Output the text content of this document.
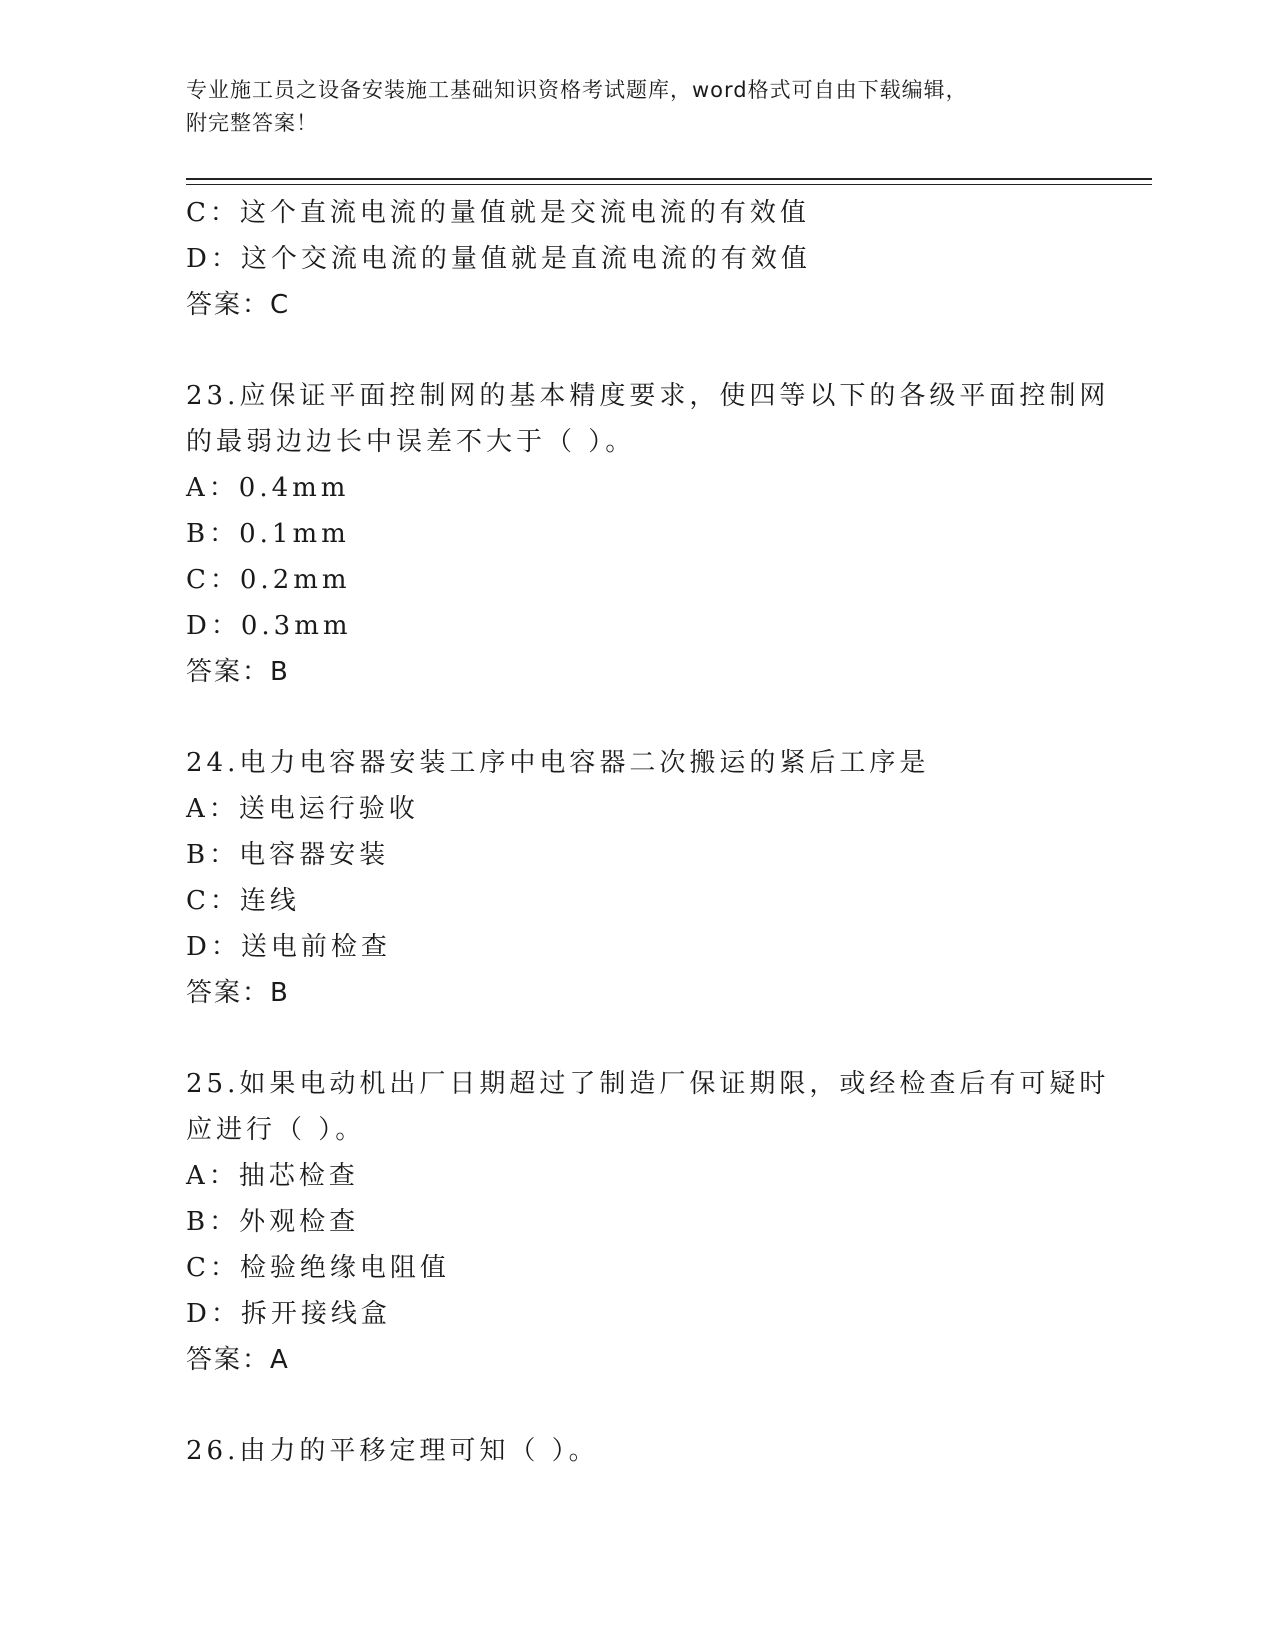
专业施工员之设备安装施工基础知识资格考试题库，word格式可自由下载编辑，
附完整答案！
C：这个直流电流的量值就是交流电流的有效值
D：这个交流电流的量值就是直流电流的有效值
答案：C
23.应保证平面控制网的基本精度要求，使四等以下的各级平面控制网
的最弱边边长中误差不大于（ ）。
A：0.4mm
B：0.1mm
C：0.2mm
D：0.3mm
答案：B
24.电力电容器安装工序中电容器二次搬运的紧后工序是
A：送电运行验收
B：电容器安装
C：连线
D：送电前检查
答案：B
25.如果电动机出厂日期超过了制造厂保证期限，或经检查后有可疑时
应进行（ ）。
A：抽芯检查
B：外观检查
C：检验绝缘电阻值
D：拆开接线盒
答案：A
26.由力的平移定理可知（ ）。
